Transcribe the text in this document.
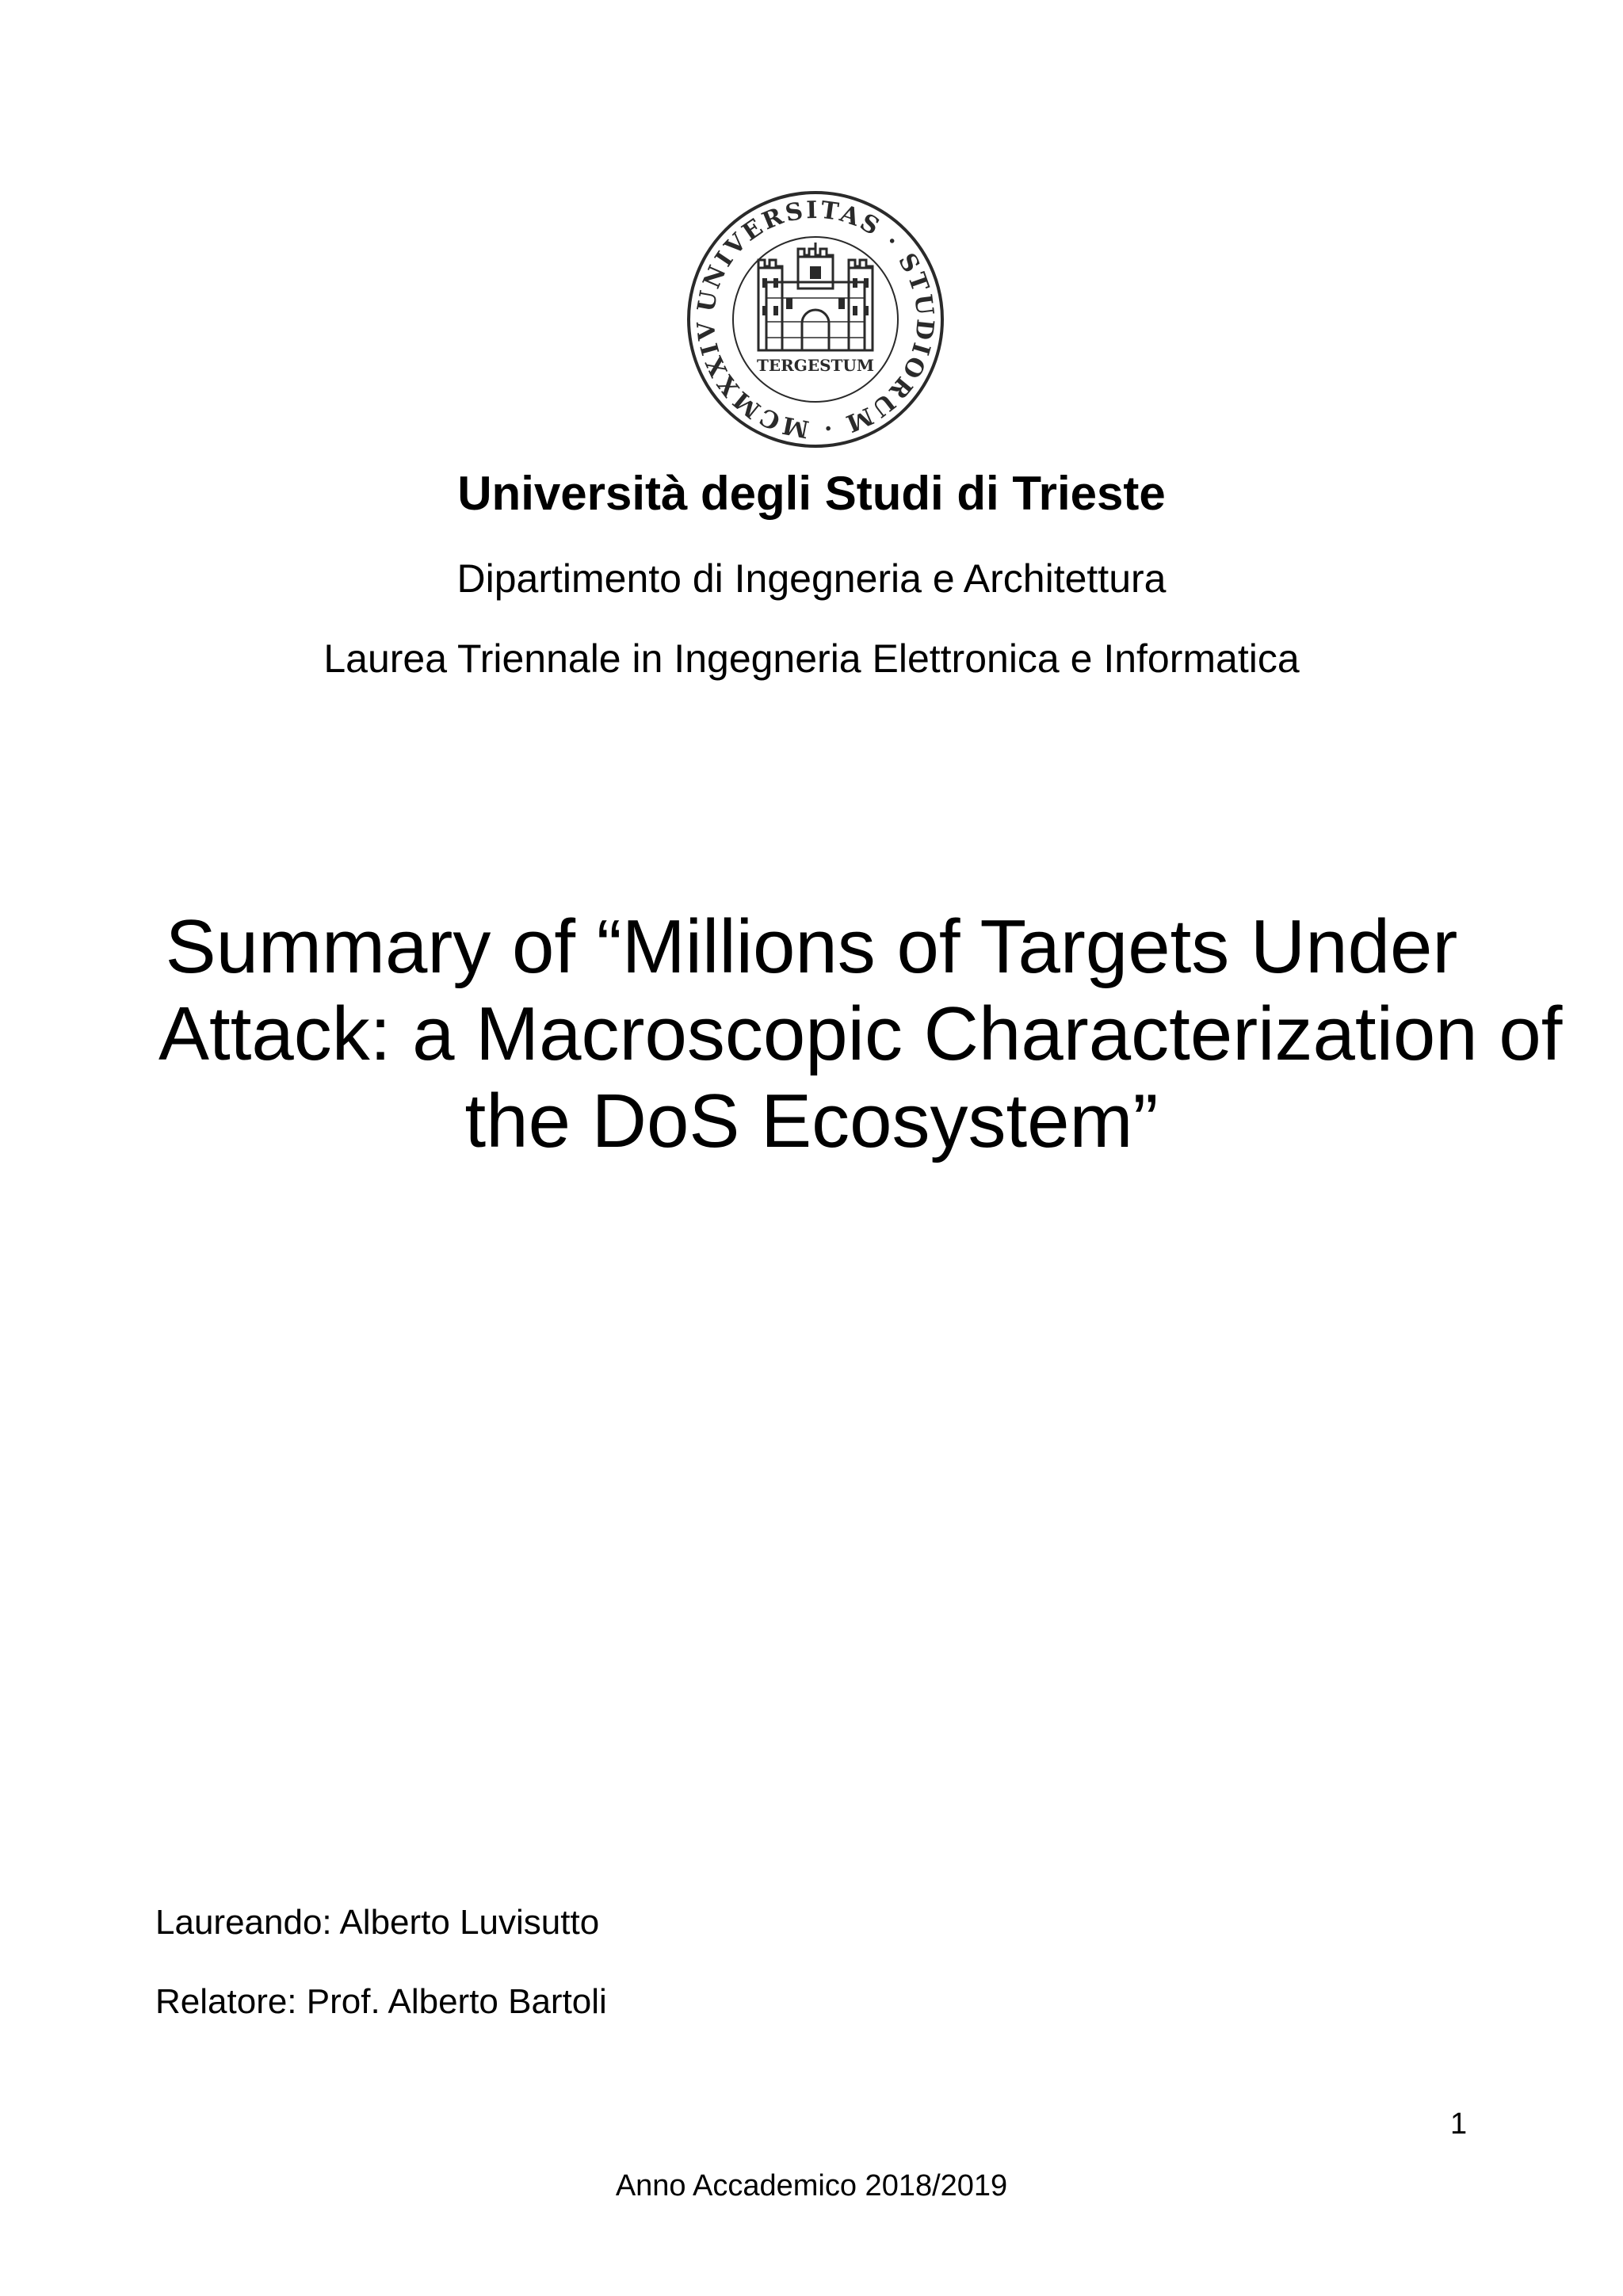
UNIVERSITAS · STUDIORUM · MCMXXIV
TERGESTUM
Università degli Studi di Trieste
Dipartimento di Ingegneria e Architettura
Laurea Triennale in Ingegneria Elettronica e Informatica
Summary of “Millions of Targets Under
Attack: a Macroscopic Characterization of
the DoS Ecosystem”
Laureando: Alberto Luvisutto
Relatore: Prof. Alberto Bartoli
1
Anno Accademico 2018/2019
